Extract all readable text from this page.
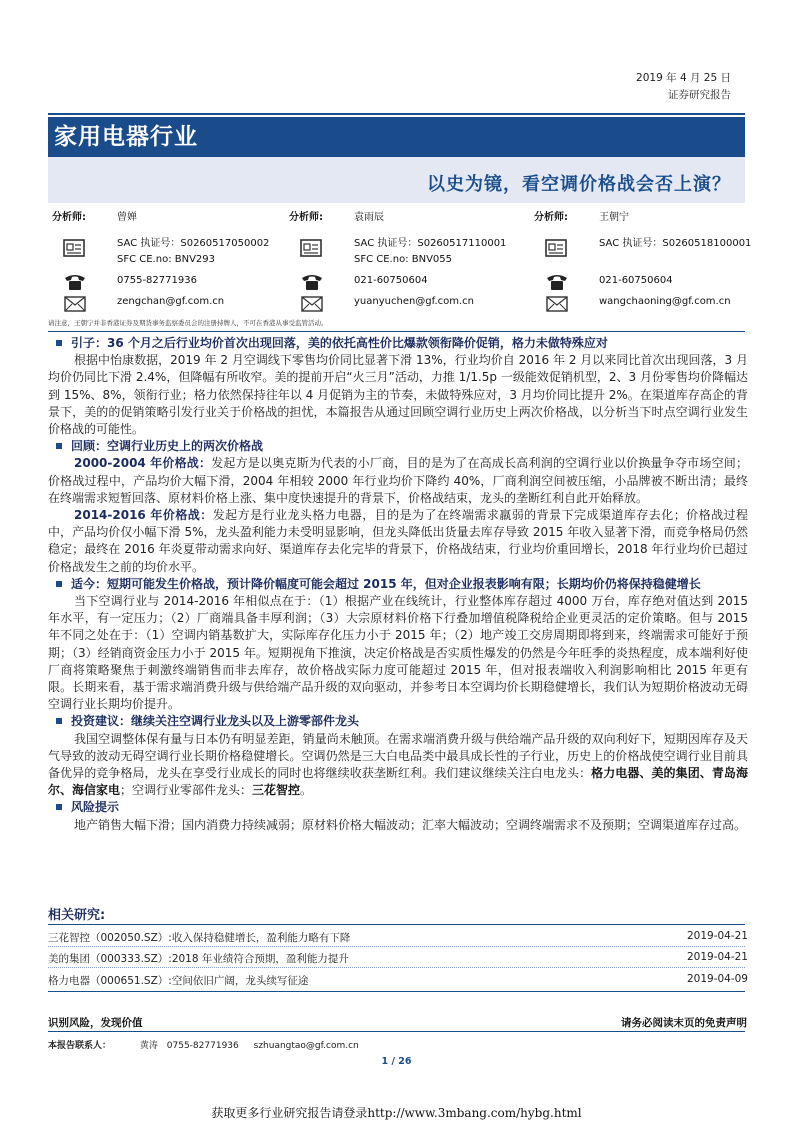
2019 年 4 月 25 日
证券研究报告
家用电器行业
以史为镜，看空调价格战会否上演？
分析师:	曾婵
SAC 执证号：S0260517050002
SFC CE.no: BNV293
0755-82771936
zengchan@gf.com.cn
分析师:	袁雨辰
SAC 执证号：S0260517110001
SFC CE.no: BNV055
021-60750604
yuanyuchen@gf.com.cn
分析师:	王朝宁
SAC 执证号：S0260518100001
021-60750604
wangchaoning@gf.com.cn
请注意，王朝宁并非香港证券及期货事务监察委员会的注册持牌人，不可在香港从事受监管活动。
引子：36 个月之后行业均价首次出现回落，美的依托高性价比爆款领衔降价促销，格力未做特殊应对

根据中怡康数据，2019 年 2 月空调线下零售均价同比显著下滑 13%，行业均价自 2016 年 2 月以来同比首次出现回落，3 月均价仍同比下滑 2.4%，但降幅有所收窄。美的提前开启“火三月”活动，力推 1/1.5p 一级能效促销机型，2、3 月份零售均价降幅达到 15%、8%，领衔行业；格力依然保持往年以 4 月促销为主的节奏，未做特殊应对，3 月均价同比提升 2%。在渠道库存高企的背景下，美的的促销策略引发行业关于价格战的担忧，本篇报告从通过回顾空调行业历史上两次价格战，以分析当下时点空调行业发生价格战的可能性。

回顾：空调行业历史上的两次价格战

2000-2004 年价格战：发起方是以奥克斯为代表的小厂商，目的是为了在高成长高利润的空调行业以价换量争夺市场空间；价格战过程中，产品均价大幅下滑，2004 年相较 2000 年行业均价下降约 40%，厂商利润空间被压缩，小品牌被不断出清；最终在终端需求短暂回落、原材料价格上涨、集中度快速提升的背景下，价格战结束，龙头的垄断红利自此开始释放。

2014-2016 年价格战：发起方是行业龙头格力电器，目的是为了在终端需求羸弱的背景下完成渠道库存去化；价格战过程中，产品均价仅小幅下滑 5%，龙头盈利能力未受明显影响，但龙头降低出货量去库存导致 2015 年收入显著下滑，而竞争格局仍然稳定；最终在 2016 年炎夏带动需求向好、渠道库存去化完毕的背景下，价格战结束，行业均价重回增长，2018 年行业均价已超过价格战发生之前的均价水平。

适今：短期可能发生价格战，预计降价幅度可能会超过 2015 年，但对企业报表影响有限；长期均价仍将保持稳健增长

当下空调行业与 2014-2016 年相似点在于：（1）根据产业在线统计，行业整体库存超过 4000 万台，库存绝对值达到 2015 年水平，有一定压力；（2）厂商端具备丰厚利润；（3）大宗原材料价格下行叠加增值税降税给企业更灵活的定价策略。但与 2015 年不同之处在于：（1）空调内销基数扩大，实际库存化压力小于 2015 年；（2）地产竣工交房周期即将到来，终端需求可能好于预期；（3）经销商资金压力小于 2015 年。短期视角下推演，决定价格战是否实质性爆发的仍然是今年旺季的炎热程度，成本端利好使厂商将策略聚焦于刺激终端销售而非去库存，故价格战实际力度可能超过 2015 年，但对报表端收入利润影响相比 2015 年更有限。长期来看，基于需求端消费升级与供给端产品升级的双向驱动，并参考日本空调均价长期稳健增长，我们认为短期价格波动无碍空调行业长期均价提升。

投资建议：继续关注空调行业龙头以及上游零部件龙头

我国空调整体保有量与日本仍有明显差距，销量尚未触顶。在需求端消费升级与供给端产品升级的双向利好下，短期因库存及天气导致的波动无碍空调行业长期价格稳健增长。空调仍然是三大白电品类中最具成长性的子行业，历史上的价格战使空调行业目前具备优异的竞争格局，龙头在享受行业成长的同时也将继续收获垄断红利。我们建议继续关注白电龙头：格力电器、美的集团、青岛海尔、海信家电；空调行业零部件龙头：三花智控。

风险提示

地产销售大幅下滑；国内消费力持续减弱；原材料价格大幅波动；汇率大幅波动；空调终端需求不及预期；空调渠道库存过高。

相关研究:
三花智控（002050.SZ）:收入保持稳健增长，盈利能力略有下降	2019-04-21
美的集团（000333.SZ）:2018 年业绩符合预期，盈利能力提升	2019-04-21
格力电器（000651.SZ）:空间依旧广阔，龙头续写征途	2019-04-09
识别风险，发现价值	请务必阅读末页的免责声明
本报告联系人：	黄涛 0755-82771936 szhuangtao@gf.com.cn
1 / 26
获取更多行业研究报告请登录http://www.3mbang.com/hybg.html
